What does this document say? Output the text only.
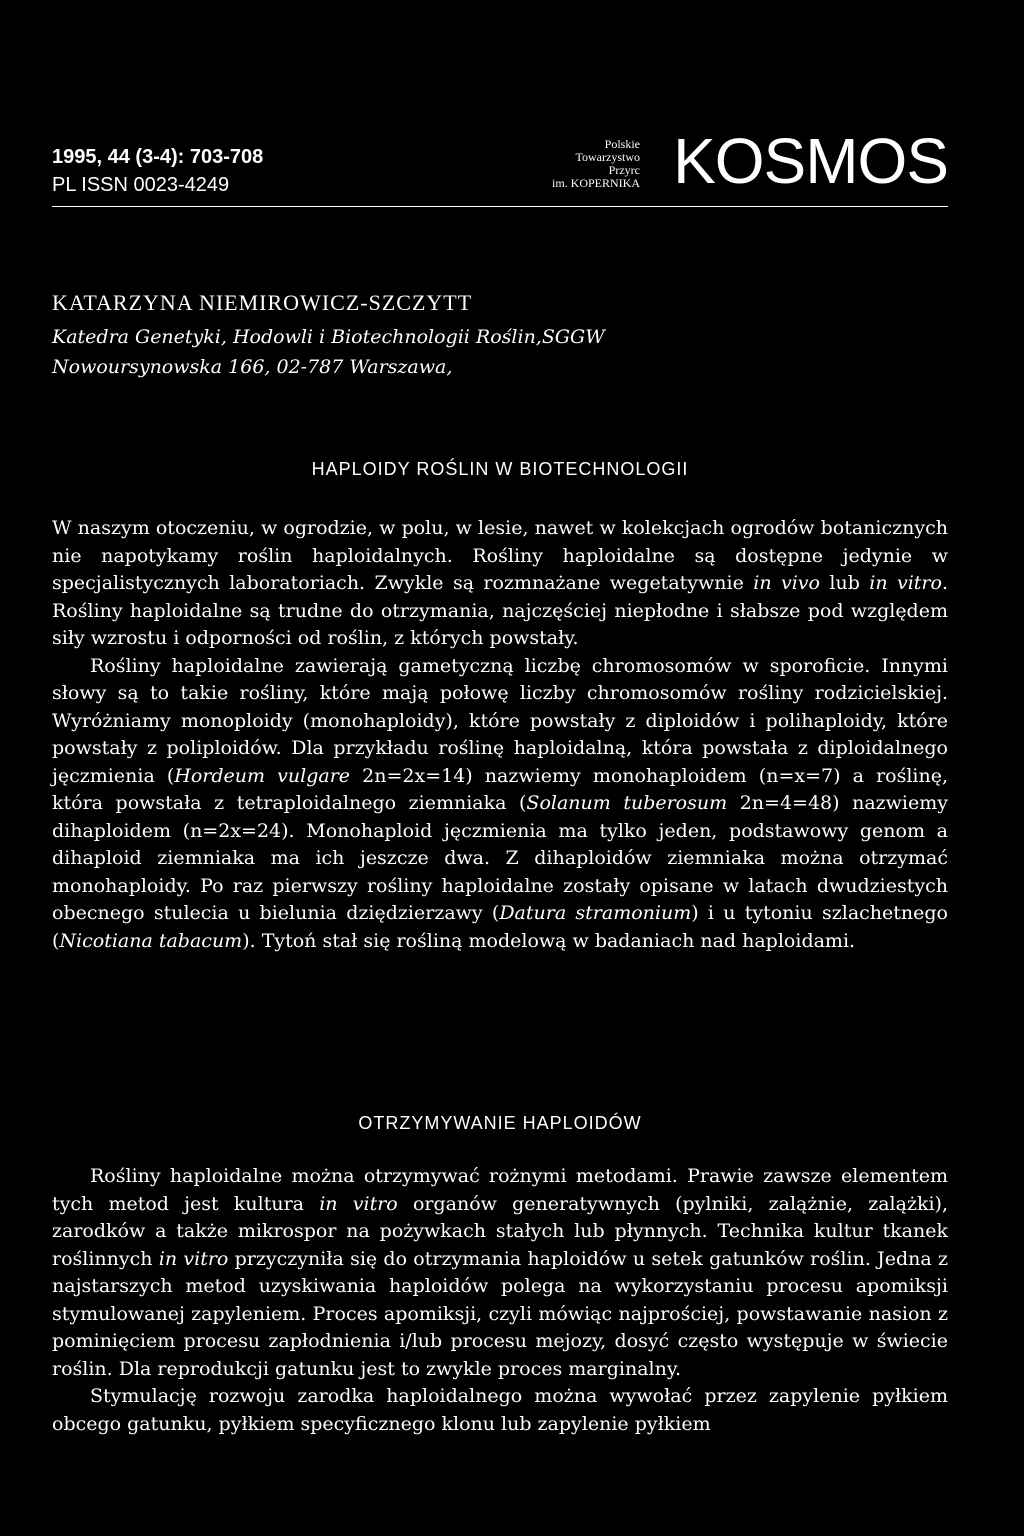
1995, 44 (3-4): 703-708
PL ISSN 0023-4249
Polskie
Towarzystwo
Przyrc
im. KOPERNIKA KOSMOS
KATARZYNA NIEMIROWICZ-SZCZYTT
Katedra Genetyki, Hodowli i Biotechnologii Roślin,SGGW
Nowoursynowska 166, 02-787 Warszawa,
HAPLOIDY ROŚLIN W BIOTECHNOLOGII

W naszym otoczeniu, w ogrodzie, w polu, w lesie, nawet w kolekcjach ogrodów botanicznych nie napotykamy roślin haploidalnych. Rośliny haploidalne są dostępne jedynie w specjalistycznych laboratoriach. Zwykle są rozmnażane wegetatywnie in vivo lub in vitro. Rośliny haploidalne są trudne do otrzymania, najczęściej niepłodne i słabsze pod względem siły wzrostu i odporności od roślin, z których powstały.

Rośliny haploidalne zawierają gametyczną liczbę chromosomów w sporoficie. Innymi słowy są to takie rośliny, które mają połowę liczby chromosomów rośliny rodzicielskiej. Wyróżniamy monoploidy (monohaploidy), które powstały z diploidów i polihaploidy, które powstały z poliploidów. Dla przykładu roślinę haploidalną, która powstała z diploidalnego jęczmienia (Hordeum vulgare 2n=2x=14) nazwiemy monohaploidem (n=x=7) a roślinę, która powstała z tetraploidalnego ziemniaka (Solanum tuberosum 2n=4=48) nazwiemy dihaploidem (n=2x=24). Monohaploid jęczmienia ma tylko jeden, podstawowy genom a dihaploid ziemniaka ma ich jeszcze dwa. Z dihaploidów ziemniaka można otrzymać monohaploidy. Po raz pierwszy rośliny haploidalne zostały opisane w latach dwudziestych obecnego stulecia u bielunia dziędzierzawy (Datura stramonium) i u tytoniu szlachetnego (Nicotiana tabacum). Tytoń stał się rośliną modelową w badaniach nad haploidami.

OTRZYMYWANIE HAPLOIDÓW

Rośliny haploidalne można otrzymywać rożnymi metodami. Prawie zawsze elementem tych metod jest kultura in vitro organów generatywnych (pylniki, zalążnie, zalążki), zarodków a także mikrospor na pożywkach stałych lub płynnych. Technika kultur tkanek roślinnych in vitro przyczyniła się do otrzymania haploidów u setek gatunków roślin. Jedna z najstarszych metod uzyskiwania haploidów polega na wykorzystaniu procesu apomiksji stymulowanej zapyleniem. Proces apomiksji, czyli mówiąc najprościej, powstawanie nasion z pominięciem procesu zapłodnienia i/lub procesu mejozy, dosyć często występuje w świecie roślin. Dla reprodukcji gatunku jest to zwykle proces marginalny.

Stymulację rozwoju zarodka haploidalnego można wywołać przez zapylenie pyłkiem obcego gatunku, pyłkiem specyficznego klonu lub zapylenie pyłkiem
